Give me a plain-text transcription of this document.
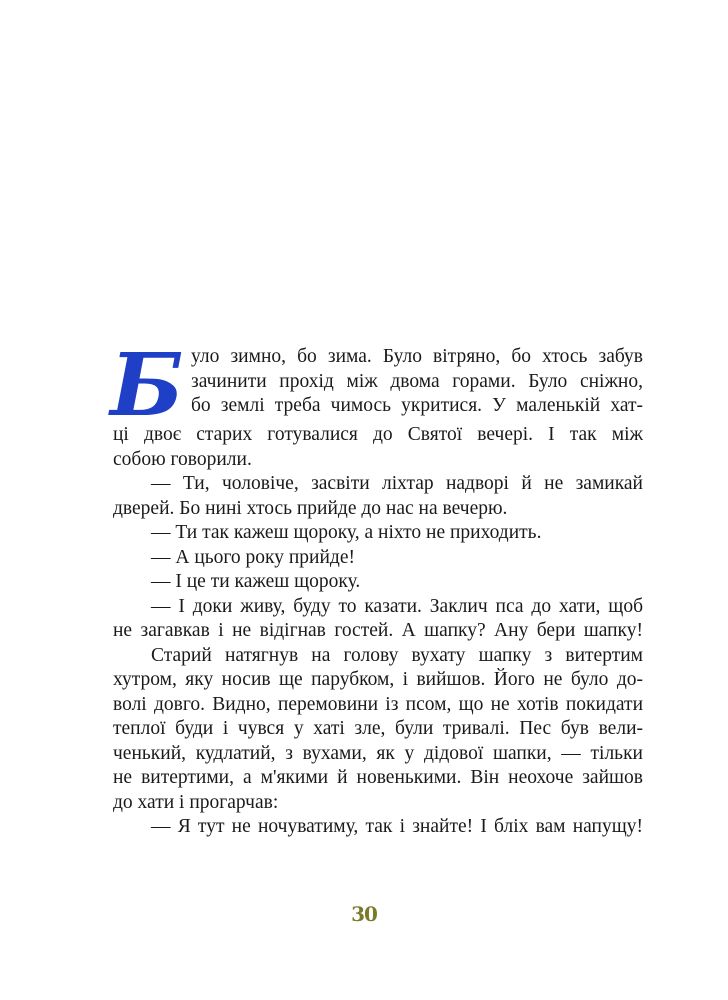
Б уло зимно, бо зима. Було вітряно, бо хтось забув
зачинити прохід між двома горами. Було сніжно,
бо землі треба чимось укритися. У маленькій хат-
ці двоє старих готувалися до Святої вечері. І так між
собою говорили.
— Ти, чоловіче, засвіти ліхтар надворі й не замикай
дверей. Бо нині хтось прийде до нас на вечерю.
— Ти так кажеш щороку, а ніхто не приходить.
— А цього року прийде!
— І це ти кажеш щороку.
— І доки живу, буду то казати. Заклич пса до хати, щоб
не загавкав і не відігнав гостей. А шапку? Ану бери шапку!
Старий натягнув на голову вухату шапку з витертим
хутром, яку носив ще парубком, і вийшов. Його не було до-
волі довго. Видно, перемовини із псом, що не хотів покидати
теплої буди і чувся у хаті зле, були тривалі. Пес був вели-
ченький, кудлатий, з вухами, як у дідової шапки, — тільки
не витертими, а м'якими й новенькими. Він неохоче зайшов
до хати і прогарчав:
— Я тут не ночуватиму, так і знайте! І бліх вам напущу!
30
